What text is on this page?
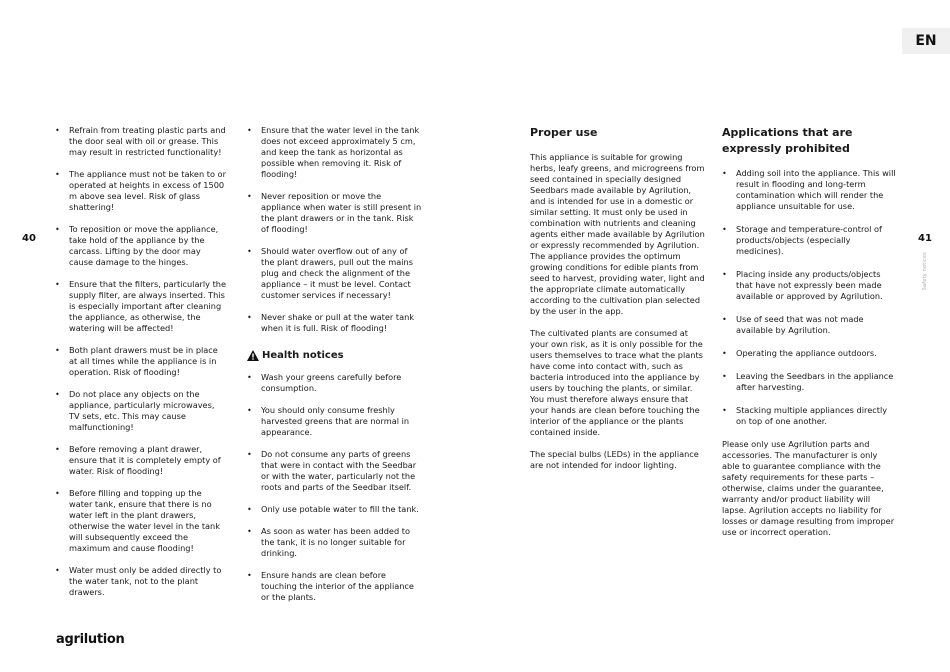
EN
40	41
Safety notices
• Refrain from treating plastic parts and the door seal with oil or grease. This may result in restricted functionality!
• The appliance must not be taken to or operated at heights in excess of 1500 m above sea level. Risk of glass shattering!
• To reposition or move the appliance, take hold of the appliance by the carcass. Lifting by the door may cause damage to the hinges.
• Ensure that the filters, particularly the supply filter, are always inserted. This is especially important after cleaning the appliance, as otherwise, the watering will be affected!
• Both plant drawers must be in place at all times while the appliance is in operation. Risk of flooding!
• Do not place any objects on the appliance, particularly microwaves, TV sets, etc. This may cause malfunctioning!
• Before removing a plant drawer, ensure that it is completely empty of water. Risk of flooding!
• Before filling and topping up the water tank, ensure that there is no water left in the plant drawers, otherwise the water level in the tank will subsequently exceed the maximum and cause flooding!
• Water must only be added directly to the water tank, not to the plant drawers.
• Ensure that the water level in the tank does not exceed approximately 5 cm, and keep the tank as horizontal as possible when removing it. Risk of flooding!
• Never reposition or move the appliance when water is still present in the plant drawers or in the tank. Risk of flooding!
• Should water overflow out of any of the plant drawers, pull out the mains plug and check the alignment of the appliance – it must be level. Contact customer services if necessary!
• Never shake or pull at the water tank when it is full. Risk of flooding!
Health notices
• Wash your greens carefully before consumption.
• You should only consume freshly harvested greens that are normal in appearance.
• Do not consume any parts of greens that were in contact with the Seedbar or with the water, particularly not the roots and parts of the Seedbar itself.
• Only use potable water to fill the tank.
• As soon as water has been added to the tank, it is no longer suitable for drinking.
• Ensure hands are clean before touching the interior of the appliance or the plants.
Proper use

This appliance is suitable for growing herbs, leafy greens, and microgreens from seed contained in specially designed Seedbars made available by Agrilution, and is intended for use in a domestic or similar setting. It must only be used in combination with nutrients and cleaning agents either made available by Agrilution or expressly recommended by Agrilution. The appliance provides the optimum growing conditions for edible plants from seed to harvest, providing water, light and the appropriate climate automatically according to the cultivation plan selected by the user in the app.

The cultivated plants are consumed at your own risk, as it is only possible for the users themselves to trace what the plants have come into contact with, such as bacteria introduced into the appliance by users by touching the plants, or similar. You must therefore always ensure that your hands are clean before touching the interior of the appliance or the plants contained inside.

The special bulbs (LEDs) in the appliance are not intended for indoor lighting.

Applications that are expressly prohibited
• Adding soil into the appliance. This will result in flooding and long-term contamination which will render the appliance unsuitable for use.
• Storage and temperature-control of products/objects (especially medicines).
• Placing inside any products/objects that have not expressly been made available or approved by Agrilution.
• Use of seed that was not made available by Agrilution.
• Operating the appliance outdoors.
• Leaving the Seedbars in the appliance after harvesting.
• Stacking multiple appliances directly on top of one another.

Please only use Agrilution parts and accessories. The manufacturer is only able to guarantee compliance with the safety requirements for these parts – otherwise, claims under the guarantee, warranty and/or product liability will lapse. Agrilution accepts no liability for losses or damage resulting from improper use or incorrect operation.

agrilution
